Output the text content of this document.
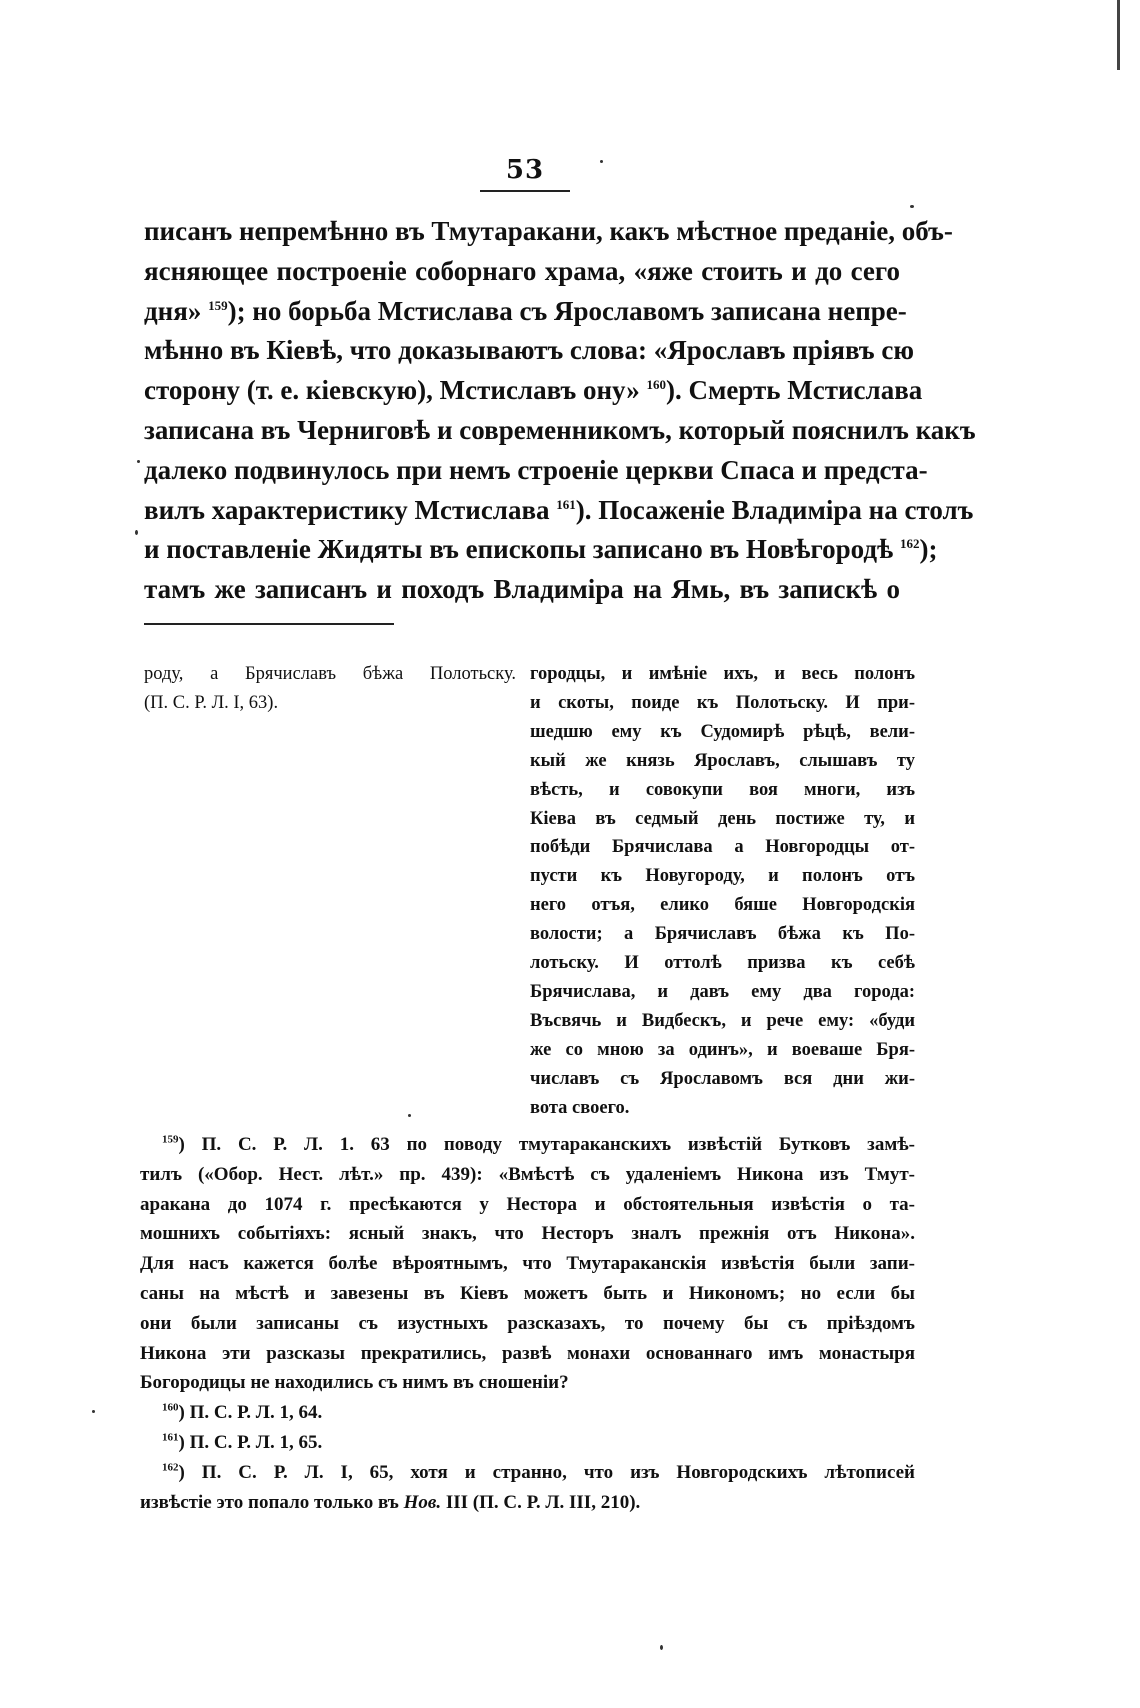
53
писанъ непремѣнно въ Тмутаракани, какъ мѣстное преданіе, объ-
ясняющее построеніе соборнаго храма, «яже стоить и до сего
дня» $^{159}$); но борьба Мстислава съ Ярославомъ записана непре-
мѣнно въ Кіевѣ, что доказываютъ слова: «Ярославъ пріявъ сю
сторону (т. е. кіевскую), Мстиславъ ону» $^{160}$). Смерть Мстислава
записана въ Черниговѣ и современникомъ, который пояснилъ какъ
далеко подвинулось при немъ строеніе церкви Спаса и предста-
вилъ характеристику Мстислава $^{161}$). Посаженіе Владиміра на столъ
и поставленіе Жидяты въ епископы записано въ Новѣгородѣ $^{162}$);
тамъ же записанъ и походъ Владиміра на Ямь, въ запискѣ о
роду, а Брячиславъ бѣжа Полотьску.
(П. С. Р. Л. I, 63).
городцы, и имѣніе ихъ, и весь полонъ
и скоты, поиде къ Полотьску. И при-
шедшю ему къ Судомирѣ рѣцѣ, вели-
кый же князь Ярославъ, слышавъ ту
вѣсть, и совокупи воя многи, изъ
Кіева въ седмый день постиже ту, и
побѣди Брячислава а Новгородцы от-
пусти къ Новугороду, и полонъ отъ
него отъя, елико бяше Новгородскія
волости; а Брячиславъ бѣжа къ По-
лотьску. И оттолѣ призва къ себѣ
Брячислава, и давъ ему два города:
Въсвячь и Видбескъ, и рече ему: «буди
же со мною за одинъ», и воеваше Бря-
числавъ съ Ярославомъ вся дни жи-
вота своего.
$^{159}$) П. С. Р. Л. 1. 63 по поводу тмутараканскихъ извѣстій Бутковъ замѣ-
тилъ («Обор. Нест. лѣт.» пр. 439): «Вмѣстѣ съ удаленіемъ Никона изъ Тмут-
аракана до 1074 г. пресѣкаются у Нестора и обстоятельныя извѣстія о та-
мошнихъ событіяхъ: ясный знакъ, что Несторъ зналъ прежнія отъ Никона».
Для насъ кажется болѣе вѣроятнымъ, что Тмутараканскія извѣстія были запи-
саны на мѣстѣ и завезены въ Кіевъ можетъ быть и Никономъ; но если бы
они были записаны съ изустныхъ разсказахъ, то почему бы съ пріѣздомъ
Никона эти разсказы прекратились, развѣ монахи основаннаго имъ монастыря
Богородицы не находились съ нимъ въ сношеніи?
$^{160}$) П. С. Р. Л. 1, 64.
$^{161}$) П. С. Р. Л. 1, 65.
$^{162}$) П. С. Р. Л. I, 65, хотя и странно, что изъ Новгородскихъ лѣтописей
извѣстіе это попало только въ Нов. III (П. С. Р. Л. III, 210).
